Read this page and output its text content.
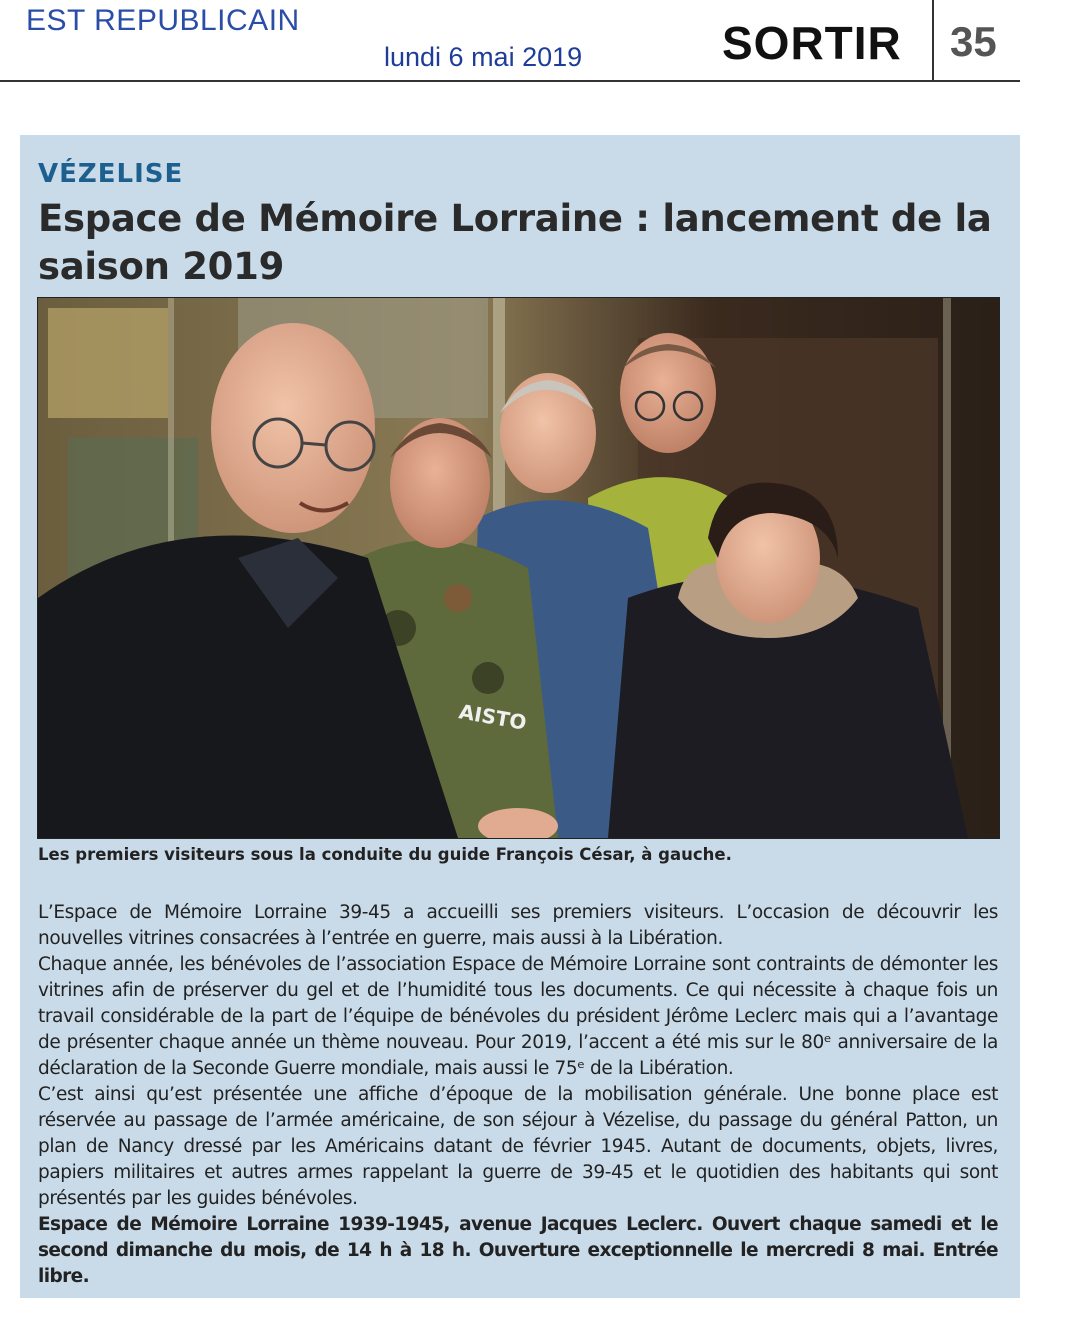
EST REPUBLICAIN
lundi 6 mai 2019	SORTIR 35
VÉZELISE
Espace de Mémoire Lorraine : lancement de la saison 2019
AISTO
Les premiers visiteurs sous la conduite du guide François César, à gauche.

L’Espace de Mémoire Lorraine 39-45 a accueilli ses premiers visiteurs. L’occasion de découvrir les nouvelles vitrines consacrées à l’entrée en guerre, mais aussi à la Libération.

Chaque année, les bénévoles de l’association Espace de Mémoire Lorraine sont contraints de démonter les vitrines afin de préserver du gel et de l’humidité tous les documents. Ce qui nécessite à chaque fois un travail considérable de la part de l’équipe de bénévoles du président Jérôme Leclerc mais qui a l’avantage de présenter chaque année un thème nouveau. Pour 2019, l’accent a été mis sur le 80ᵉ anniversaire de la déclaration de la Seconde Guerre mondiale, mais aussi le 75ᵉ de la Libération.

C’est ainsi qu’est présentée une affiche d’époque de la mobilisation générale. Une bonne place est réservée au passage de l’armée américaine, de son séjour à Vézelise, du passage du général Patton, un plan de Nancy dressé par les Américains datant de février 1945. Autant de documents, objets, livres, papiers militaires et autres armes rappelant la guerre de 39-45 et le quotidien des habitants qui sont présentés par les guides bénévoles.

Espace de Mémoire Lorraine 1939-1945, avenue Jacques Leclerc. Ouvert chaque samedi et le second dimanche du mois, de 14 h à 18 h. Ouverture exceptionnelle le mercredi 8 mai. Entrée libre.
